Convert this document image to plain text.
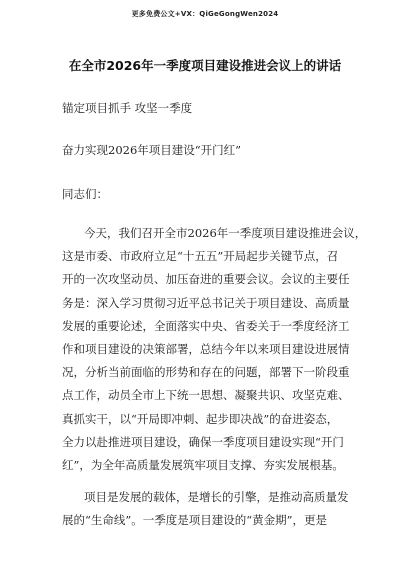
更多免费公文+VX：QiGeGongWen2024
在全市2026年一季度项目建设推进会议上的讲话
锚定项目抓手 攻坚一季度
奋力实现2026年项目建设“开门红”
同志们：
今天，我们召开全市2026年一季度项目建设推进会议，
这是市委、市政府立足“十五五”开局起步关键节点，召
开的一次攻坚动员、加压奋进的重要会议。会议的主要任
务是：深入学习贯彻习近平总书记关于项目建设、高质量
发展的重要论述，全面落实中央、省委关于一季度经济工
作和项目建设的决策部署，总结今年以来项目建设进展情
况，分析当前面临的形势和存在的问题，部署下一阶段重
点工作，动员全市上下统一思想、凝聚共识、攻坚克难、
真抓实干，以“开局即冲刺、起步即决战”的奋进姿态，
全力以赴推进项目建设，确保一季度项目建设实现“开门
红”，为全年高质量发展筑牢项目支撑、夯实发展根基。
项目是发展的载体，是增长的引擎，是推动高质量发
展的“生命线”。一季度是项目建设的“黄金期”，更是
